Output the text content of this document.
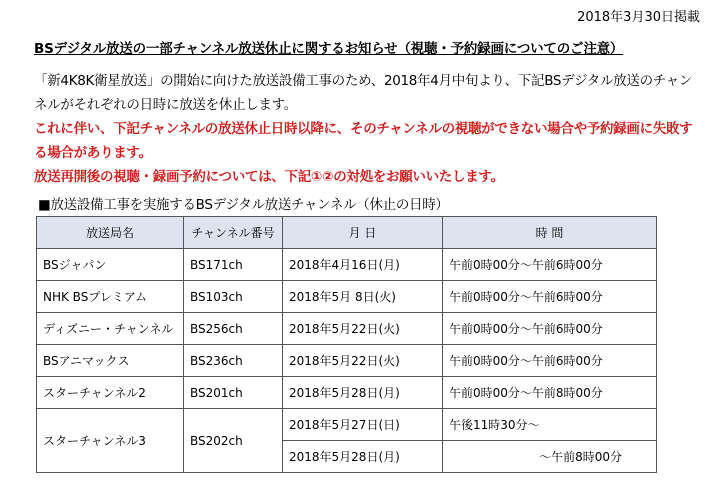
2018年3月30日掲載
BSデジタル放送の一部チャンネル放送休止に関するお知らせ（視聴・予約録画についてのご注意）
「新4K8K衛星放送」の開始に向けた放送設備工事のため、2018年4月中旬より、下記BSデジタル放送のチャンネルがそれぞれの日時に放送を休止します。
これに伴い、下記チャンネルの放送休止日時以降に、そのチャンネルの視聴ができない場合や予約録画に失敗する場合があります。
放送再開後の視聴・録画予約については、下記①②の対処をお願いいたします。
■放送設備工事を実施するBSデジタル放送チャンネル（休止の日時）
放送局名	チャンネル番号	月 日	時 間
BSジャパン	BS171ch	2018年4月16日(月)	午前0時00分～午前6時00分
NHK BSプレミアム	BS103ch	2018年5月 8日(火)	午前0時00分～午前6時00分
ディズニー・チャンネル	BS256ch	2018年5月22日(火)	午前0時00分～午前6時00分
BSアニマックス	BS236ch	2018年5月22日(火)	午前0時00分～午前6時00分
スターチャンネル2	BS201ch	2018年5月28日(月)	午前0時00分～午前8時00分
スターチャンネル3	BS202ch	2018年5月27日(日)	午後11時30分～
		2018年5月28日(月)	～午前8時00分
